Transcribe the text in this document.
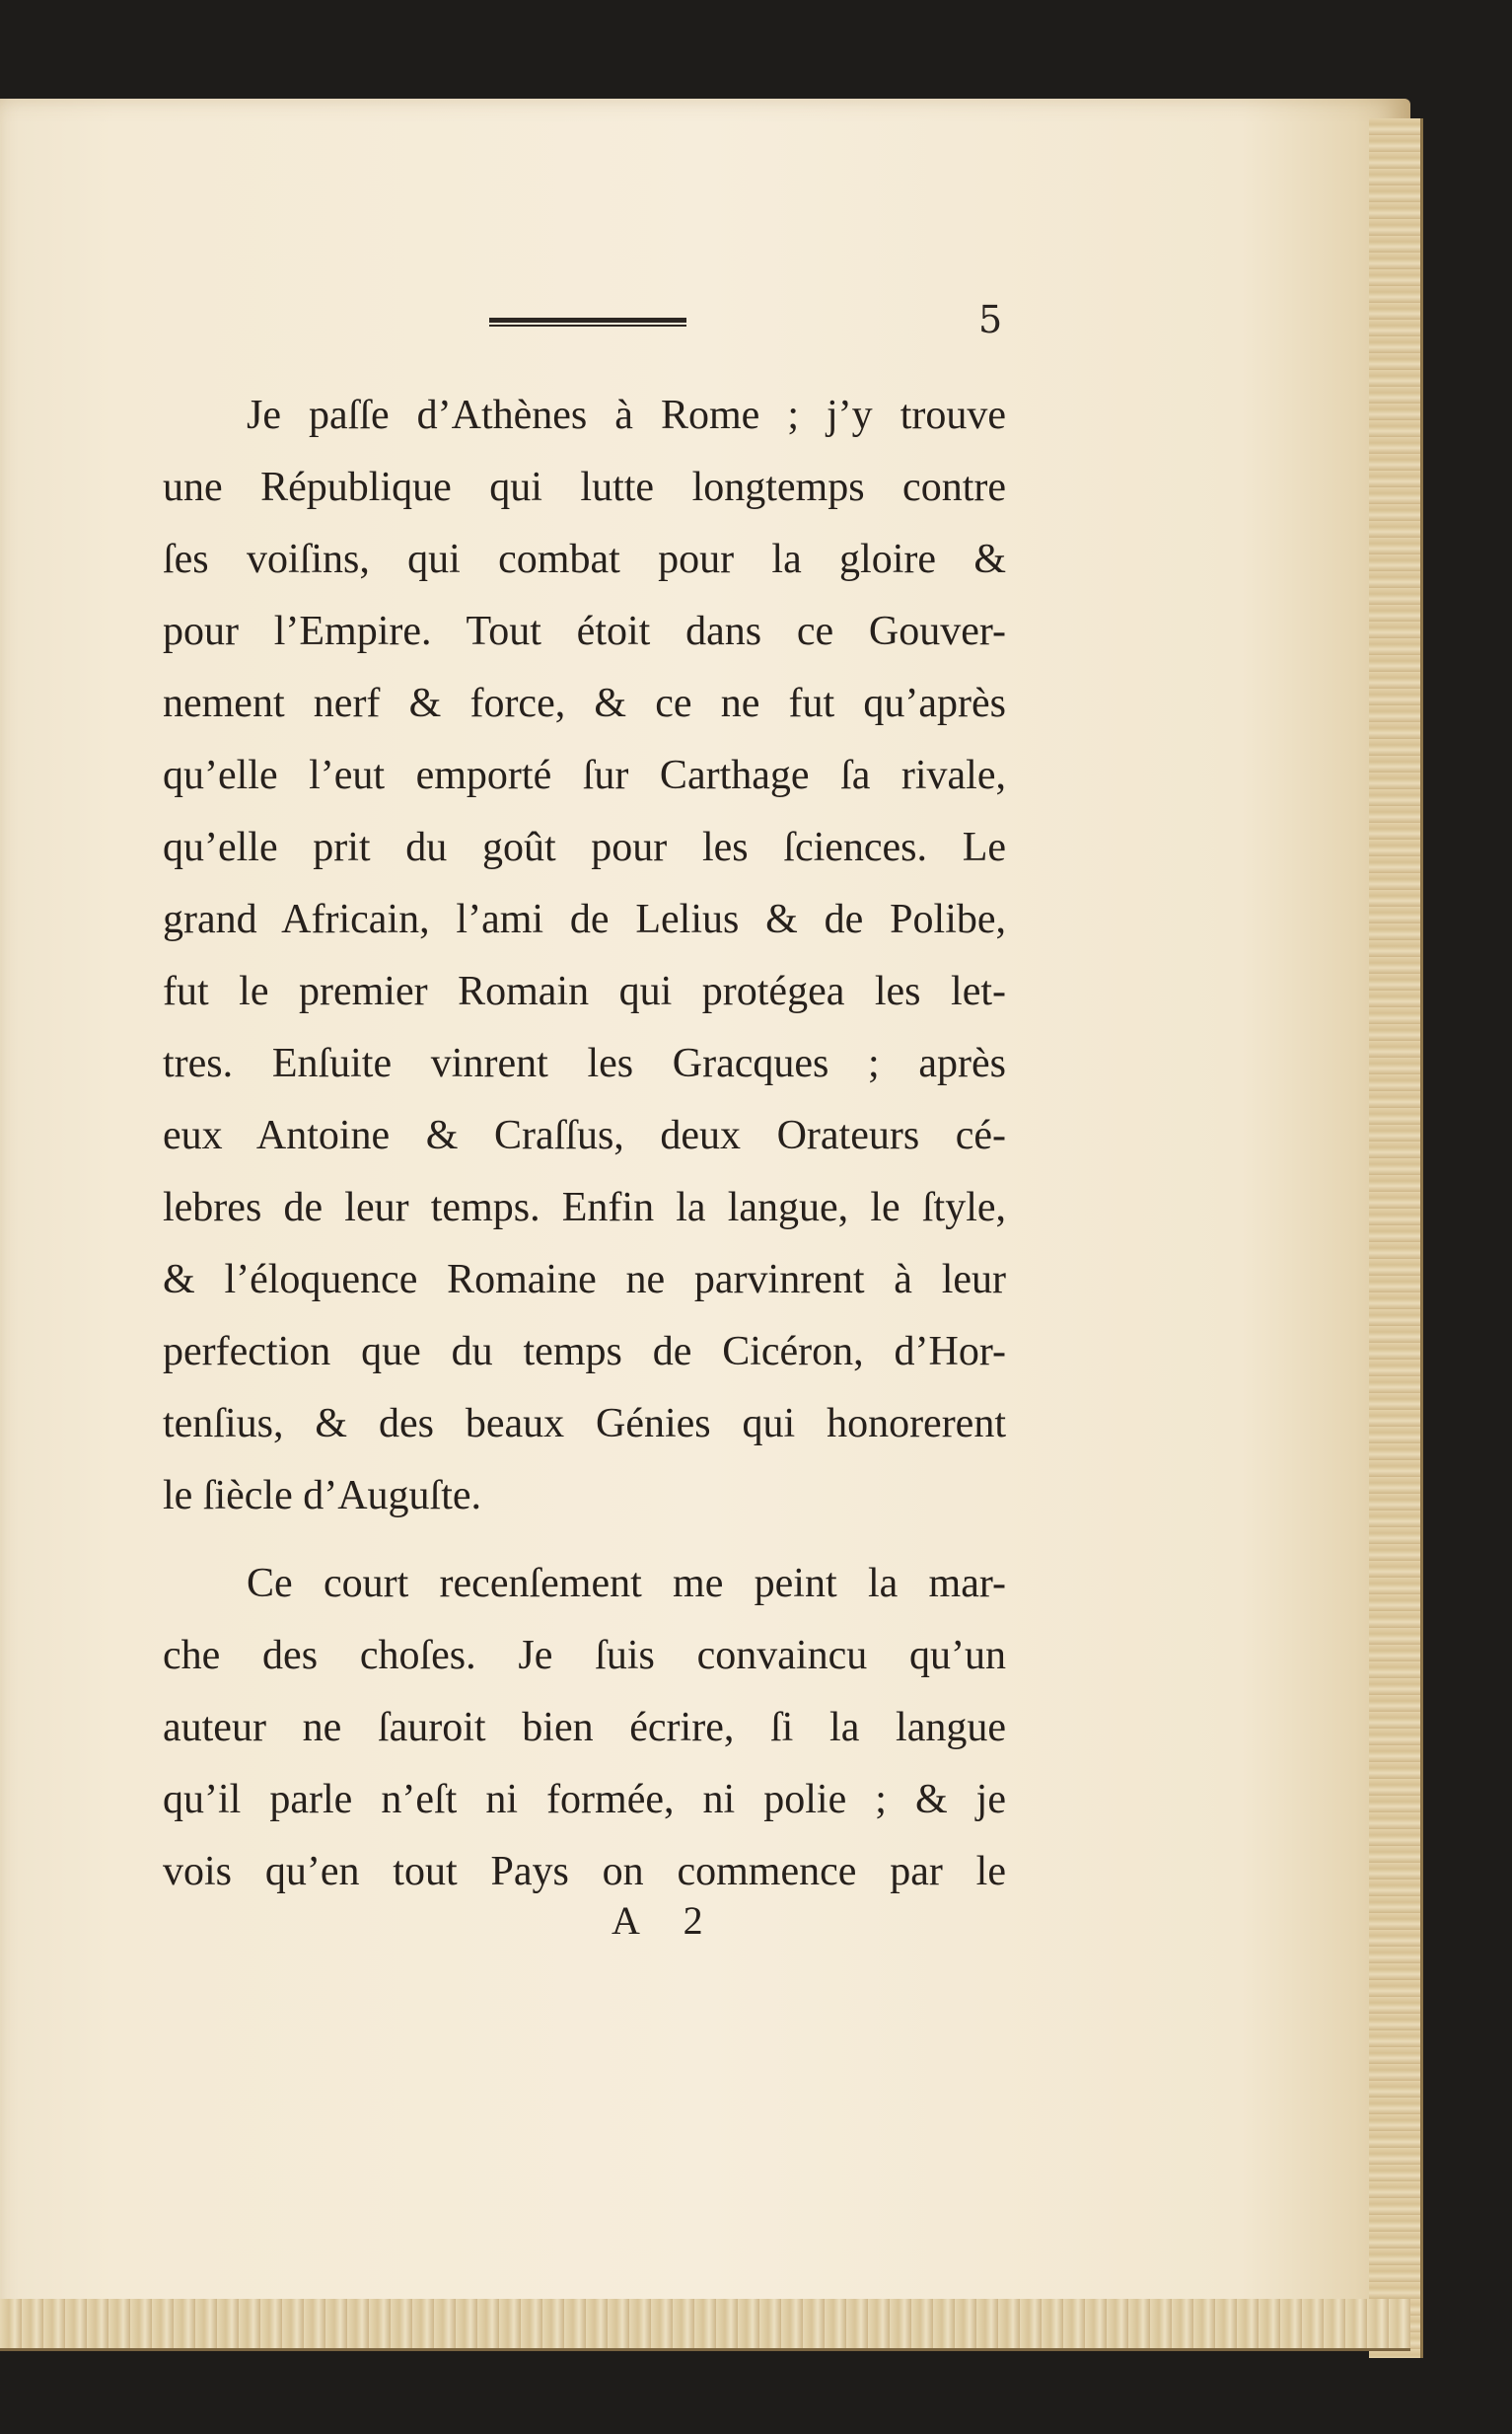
5
Je paſſe d’Athènes à Rome ; j’y trouve
une République qui lutte longtemps contre
ſes voiſins, qui combat pour la gloire &
pour l’Empire. Tout étoit dans ce Gouver-
nement nerf & force, & ce ne fut qu’après
qu’elle l’eut emporté ſur Carthage ſa rivale,
qu’elle prit du goût pour les ſciences. Le
grand Africain, l’ami de Lelius & de Polibe,
fut le premier Romain qui protégea les let-
tres. Enſuite vinrent les Gracques ; après
eux Antoine & Craſſus, deux Orateurs cé-
lebres de leur temps. Enfin la langue, le ſtyle,
& l’éloquence Romaine ne parvinrent à leur
perfection que du temps de Cicéron, d’Hor-
tenſius, & des beaux Génies qui honorerent
le ſiècle d’Auguſte.
Ce court recenſement me peint la mar-
che des choſes. Je ſuis convaincu qu’un
auteur ne ſauroit bien écrire, ſi la langue
qu’il parle n’eſt ni formée, ni polie ; & je
vois qu’en tout Pays on commence par le
A 2
